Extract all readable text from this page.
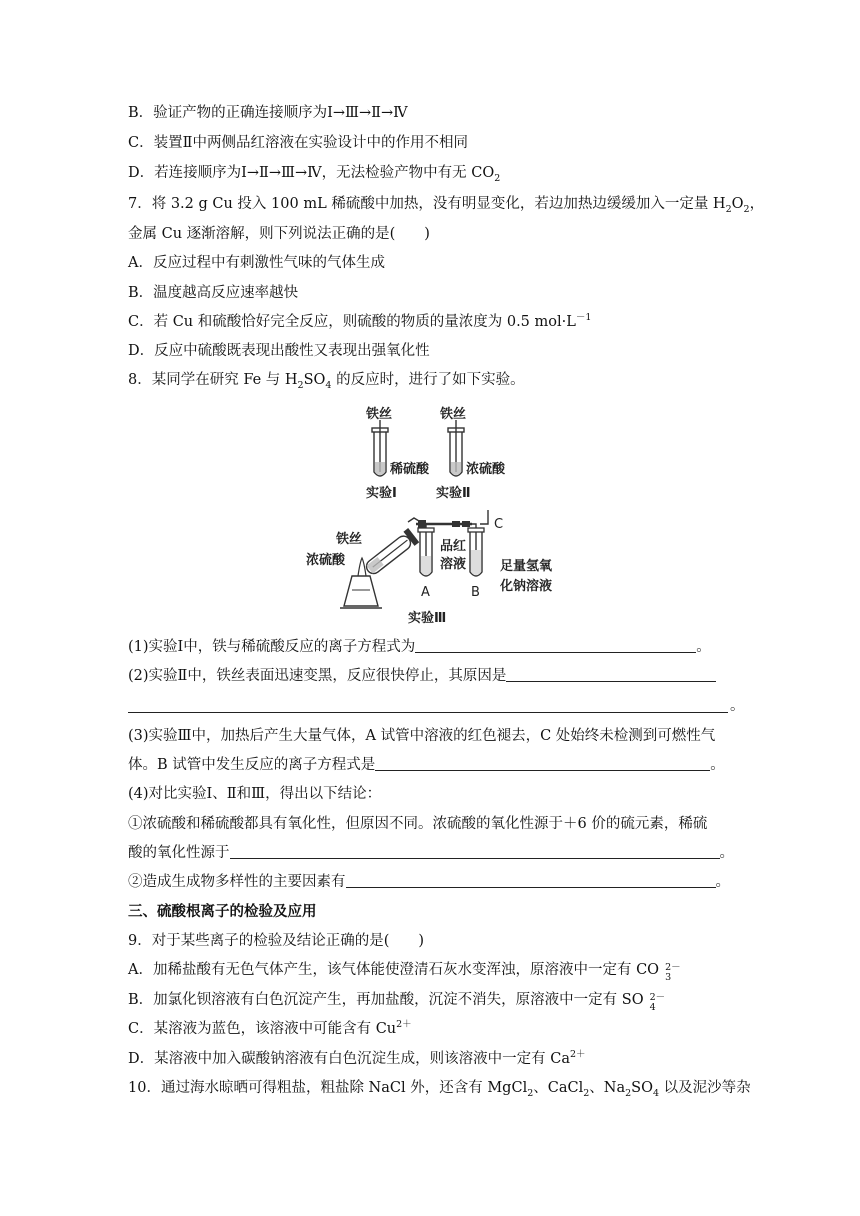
B．验证产物的正确连接顺序为Ⅰ→Ⅲ→Ⅱ→Ⅳ
C．装置Ⅱ中两侧品红溶液在实验设计中的作用不相同
D．若连接顺序为Ⅰ→Ⅱ→Ⅲ→Ⅳ，无法检验产物中有无 $CO_2$
7．将 3.2 g Cu 投入 100 mL 稀硫酸中加热，没有明显变化，若边加热边缓缓加入一定量 $H_2O_2$，
金属 Cu 逐渐溶解，则下列说法正确的是(　　)
A．反应过程中有刺激性气味的气体生成
B．温度越高反应速率越快
C．若 Cu 和硫酸恰好完全反应，则硫酸的物质的量浓度为 0.5 $mol\cdot L^{-1}$
D．反应中硫酸既表现出酸性又表现出强氧化性
8．某同学在研究 Fe 与 $H_2SO_4$ 的反应时，进行了如下实验。
铁丝
稀硫酸
实验Ⅰ
铁丝
浓硫酸
实验Ⅱ
铁丝
浓硫酸
A
品红
溶液
B
C
足量氢氧
化钠溶液
实验Ⅲ
(1)实验Ⅰ中，铁与稀硫酸反应的离子方程式为	。
(2)实验Ⅱ中，铁丝表面迅速变黑，反应很快停止，其原因是
。
(3)实验Ⅲ中，加热后产生大量气体，A 试管中溶液的红色褪去，C 处始终未检测到可燃性气
体。B 试管中发生反应的离子方程式是	。
(4)对比实验Ⅰ、Ⅱ和Ⅲ，得出以下结论：
①浓硫酸和稀硫酸都具有氧化性，但原因不同。浓硫酸的氧化性源于＋6 价的硫元素，稀硫
酸的氧化性源于	。
②造成生成物多样性的主要因素有	。
三、硫酸根离子的检验及应用
9．对于某些离子的检验及结论正确的是(　　)
A．加稀盐酸有无色气体产生，该气体能使澄清石灰水变浑浊，原溶液中一定有 CO 2－
3
B．加氯化钡溶液有白色沉淀产生，再加盐酸，沉淀不消失，原溶液中一定有 SO 2－
4
C．某溶液为蓝色，该溶液中可能含有 $Cu^{2+}$
D．某溶液中加入碳酸钠溶液有白色沉淀生成，则该溶液中一定有 $Ca^{2+}$
10．通过海水晾晒可得粗盐，粗盐除 NaCl 外，还含有 MgCl$_2$、CaCl$_2$、$Na_2SO_4$ 以及泥沙等杂
